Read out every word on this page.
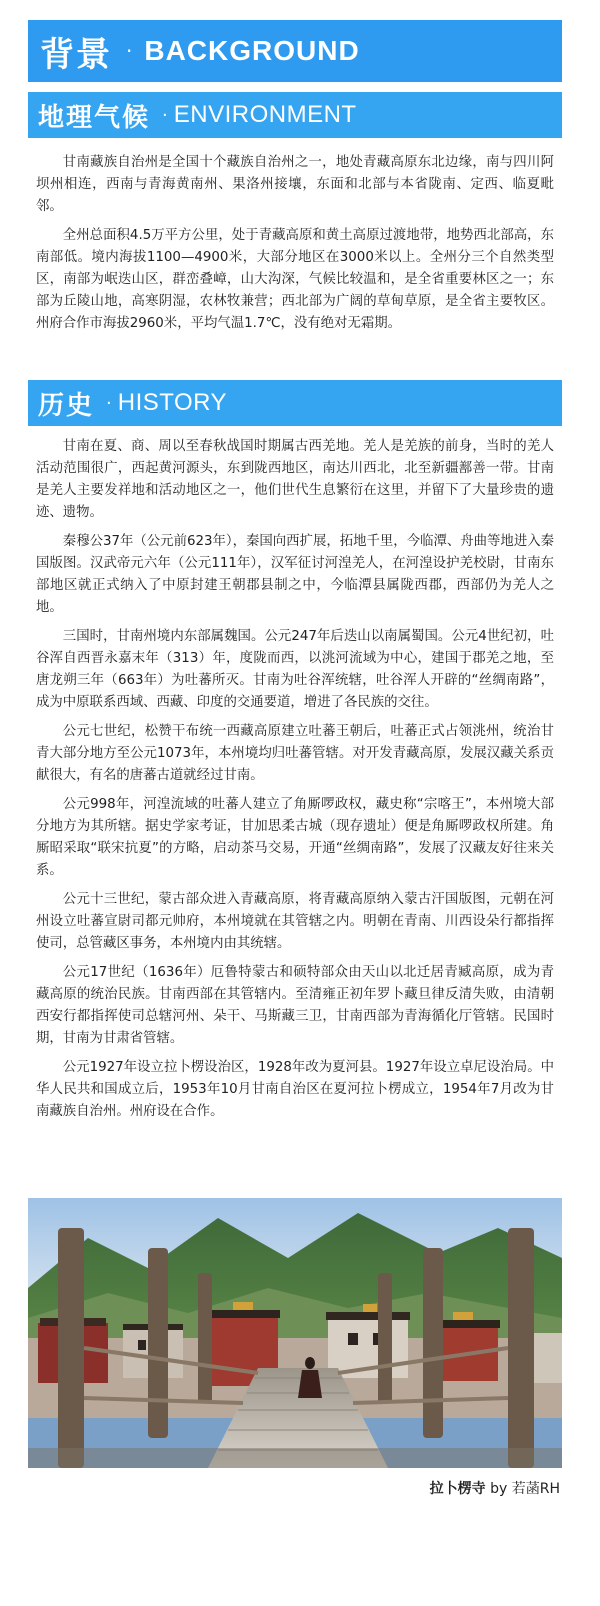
背景 · BACKGROUND
地理气候 · ENVIRONMENT

甘南藏族自治州是全国十个藏族自治州之一，地处青藏高原东北边缘，南与四川阿坝州相连，西南与青海黄南州、果洛州接壤，东面和北部与本省陇南、定西、临夏毗邻。

全州总面积4.5万平方公里，处于青藏高原和黄土高原过渡地带，地势西北部高，东南部低。境内海拔1100—4900米，大部分地区在3000米以上。全州分三个自然类型区，南部为岷迭山区，群峦叠嶂，山大沟深，气候比较温和，是全省重要林区之一；东部为丘陵山地，高寒阴湿，农林牧兼营；西北部为广阔的草甸草原，是全省主要牧区。州府合作市海拔2960米，平均气温1.7℃，没有绝对无霜期。

历史 · HISTORY

甘南在夏、商、周以至春秋战国时期属古西羌地。羌人是羌族的前身，当时的羌人活动范围很广，西起黄河源头，东到陇西地区，南达川西北，北至新疆鄯善一带。甘南是羌人主要发祥地和活动地区之一，他们世代生息繁衍在这里，并留下了大量珍贵的遗迹、遗物。

秦穆公37年（公元前623年），秦国向西扩展，拓地千里，今临潭、舟曲等地进入秦国版图。汉武帝元六年（公元111年），汉军征讨河湟羌人，在河湟设护羌校尉，甘南东部地区就正式纳入了中原封建王朝郡县制之中，今临潭县属陇西郡，西部仍为羌人之地。

三国时，甘南州境内东部属魏国。公元247年后迭山以南属蜀国。公元4世纪初，吐谷浑自西晋永嘉末年（313）年，度陇而西，以洮河流域为中心，建国于郡羌之地，至唐龙朔三年（663年）为吐蕃所灭。甘南为吐谷浑统辖，吐谷浑人开辟的“丝绸南路”，成为中原联系西域、西藏、印度的交通要道，增进了各民族的交往。

公元七世纪，松赞干布统一西藏高原建立吐蕃王朝后，吐蕃正式占领洮州，统治甘青大部分地方至公元1073年，本州境均归吐蕃管辖。对开发青藏高原，发展汉藏关系贡献很大，有名的唐蕃古道就经过甘南。

公元998年，河湟流域的吐蕃人建立了角厮啰政权，藏史称“宗喀王”，本州境大部分地方为其所辖。据史学家考证，甘加思柔古城（现存遗址）便是角厮啰政权所建。角厮昭采取“联宋抗夏”的方略，启动茶马交易，开通“丝绸南路”，发展了汉藏友好往来关系。

公元十三世纪，蒙古部众进入青藏高原，将青藏高原纳入蒙古汗国版图，元朝在河州设立吐蕃宣尉司都元帅府，本州境就在其管辖之内。明朝在青南、川西设朵行都指挥使司，总管藏区事务，本州境内由其统辖。

公元17世纪（1636年）厄鲁特蒙古和硕特部众由天山以北迁居青臧高原，成为青藏高原的统治民族。甘南西部在其管辖内。至清雍正初年罗卜藏旦律反清失败，由清朝西安行都指挥使司总辖河州、朵干、马斯藏三卫，甘南西部为青海循化厅管辖。民国时期，甘南为甘肃省管辖。

公元1927年设立拉卜楞设治区，1928年改为夏河县。1927年设立卓尼设治局。中华人民共和国成立后，1953年10月甘南自治区在夏河拉卜楞成立，1954年7月改为甘南藏族自治州。州府设在合作。

拉卜楞寺 by 若菡RH
